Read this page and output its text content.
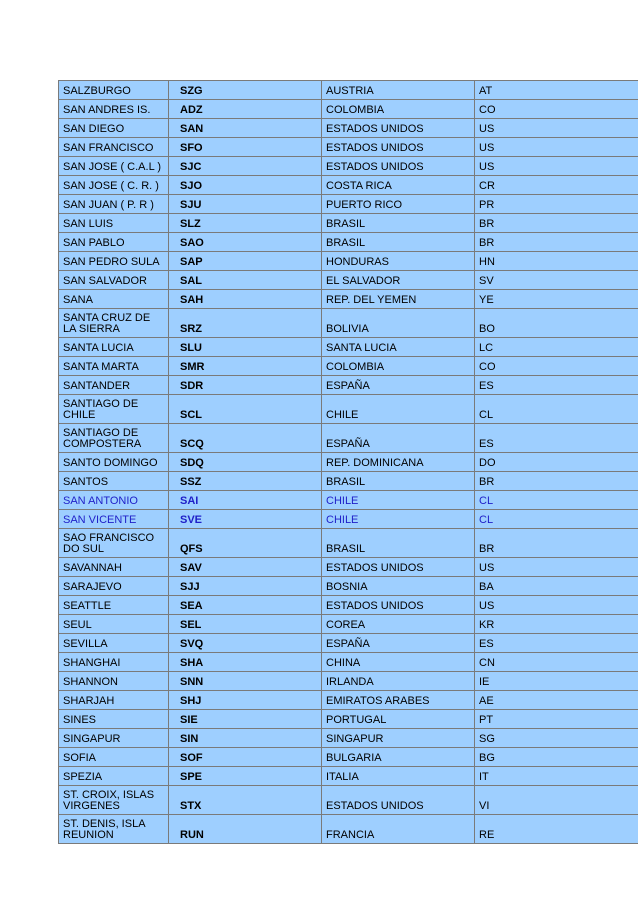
SALZBURGO	SZG	AUSTRIA	AT
SAN ANDRES IS.	ADZ	COLOMBIA	CO
SAN DIEGO	SAN	ESTADOS UNIDOS	US
SAN FRANCISCO	SFO	ESTADOS UNIDOS	US
SAN JOSE ( C.A.L )	SJC	ESTADOS UNIDOS	US
SAN JOSE ( C. R. )	SJO	COSTA RICA	CR
SAN JUAN ( P. R )	SJU	PUERTO RICO	PR
SAN LUIS	SLZ	BRASIL	BR
SAN PABLO	SAO	BRASIL	BR
SAN PEDRO SULA	SAP	HONDURAS	HN
SAN SALVADOR	SAL	EL SALVADOR	SV
SANA	SAH	REP. DEL YEMEN	YE
SANTA CRUZ DE LA SIERRA	SRZ	BOLIVIA	BO
SANTA LUCIA	SLU	SANTA LUCIA	LC
SANTA MARTA	SMR	COLOMBIA	CO
SANTANDER	SDR	ESPAÑA	ES
SANTIAGO DE CHILE	SCL	CHILE	CL
SANTIAGO DE COMPOSTERA	SCQ	ESPAÑA	ES
SANTO DOMINGO	SDQ	REP. DOMINICANA	DO
SANTOS	SSZ	BRASIL	BR
SAN ANTONIO	SAI	CHILE	CL
SAN VICENTE	SVE	CHILE	CL
SAO FRANCISCO DO SUL	QFS	BRASIL	BR
SAVANNAH	SAV	ESTADOS UNIDOS	US
SARAJEVO	SJJ	BOSNIA	BA
SEATTLE	SEA	ESTADOS UNIDOS	US
SEUL	SEL	COREA	KR
SEVILLA	SVQ	ESPAÑA	ES
SHANGHAI	SHA	CHINA	CN
SHANNON	SNN	IRLANDA	IE
SHARJAH	SHJ	EMIRATOS ARABES	AE
SINES	SIE	PORTUGAL	PT
SINGAPUR	SIN	SINGAPUR	SG
SOFIA	SOF	BULGARIA	BG
SPEZIA	SPE	ITALIA	IT
ST. CROIX, ISLAS VIRGENES	STX	ESTADOS UNIDOS	VI
ST. DENIS, ISLA REUNION	RUN	FRANCIA	RE
